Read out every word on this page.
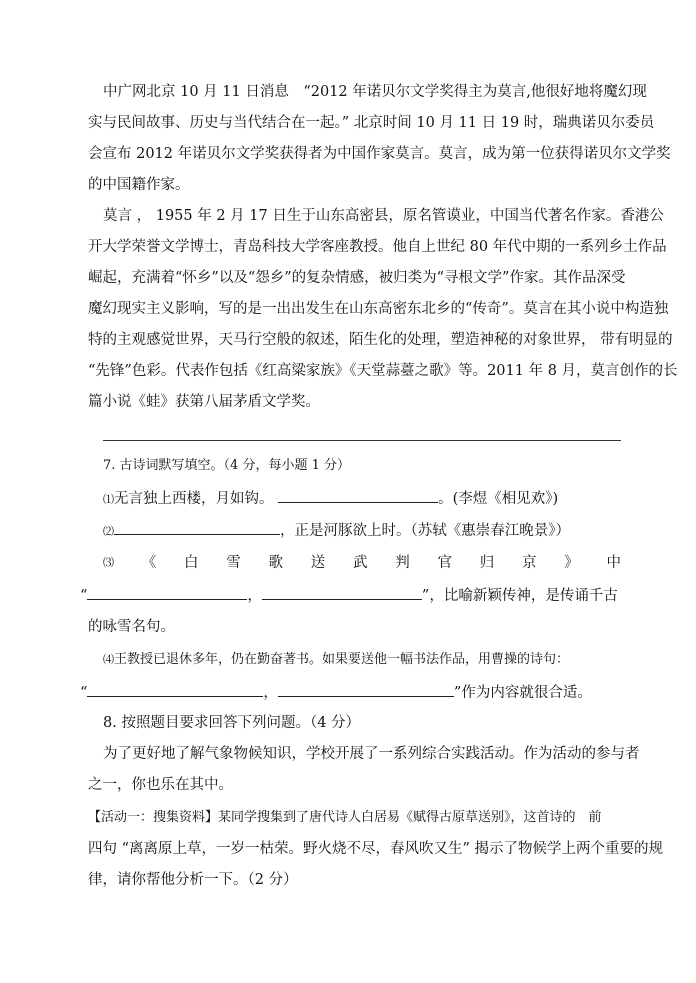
中广网北京 10 月 11 日消息　“2012 年诺贝尔文学奖得主为莫言,他很好地将魔幻现
实与民间故事、历史与当代结合在一起。” 北京时间 10 月 11 日 19 时，瑞典诺贝尔委员
会宣布 2012 年诺贝尔文学奖获得者为中国作家莫言。莫言，成为第一位获得诺贝尔文学奖
的中国籍作家。
莫言 ， 1955 年 2 月 17 日生于山东高密县，原名管谟业，中国当代著名作家。香港公
开大学荣誉文学博士，青岛科技大学客座教授。他自上世纪 80 年代中期的一系列乡土作品
崛起，充满着“怀乡”以及“怨乡”的复杂情感，被归类为“寻根文学”作家。其作品深受
魔幻现实主义影响，写的是一出出发生在山东高密东北乡的“传奇”。莫言在其小说中构造独
特的主观感觉世界，天马行空般的叙述，陌生化的处理，塑造神秘的对象世界， 带有明显的
“先锋”色彩。代表作包括《红高粱家族》《天堂蒜薹之歌》等。2011 年 8 月，莫言创作的长
篇小说《蛙》获第八届茅盾文学奖。
7. 古诗词默写填空。（4 分，每小题 1 分）
⑴无言独上西楼，月如钩。	。(李煜《相见欢》)
⑵	，正是河豚欲上时。（苏轼《惠崇春江晚景》）
⑶ 《 白 雪 歌 送 武 判 官 归 京 》 中
“	，	”，比喻新颖传神，是传诵千古
的咏雪名句。
⑷王教授已退休多年，仍在勤奋著书。如果要送他一幅书法作品，用曹操的诗句：
“	，	”作为内容就很合适。
8. 按照题目要求回答下列问题。（4 分）
为了更好地了解气象物候知识，学校开展了一系列综合实践活动。作为活动的参与者
之一，你也乐在其中。
【活动一：搜集资料】某同学搜集到了唐代诗人白居易《赋得古原草送别》，这首诗的　前
四句 “离离原上草，一岁一枯荣。野火烧不尽，春风吹又生” 揭示了物候学上两个重要的规
律，请你帮他分析一下。（2 分）
